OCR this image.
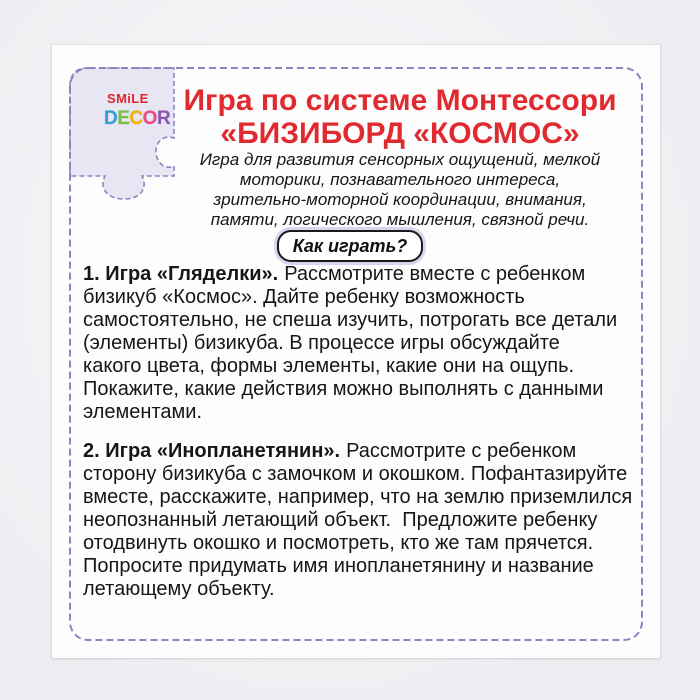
SMiLE
DECOR
Игра по системе Монтессори
«БИЗИБОРД «КОСМОС»
Игра для развития сенсорных ощущений, мелкой
моторики, познавательного интереса,
зрительно-моторной координации, внимания,
памяти, логического мышления, связной речи.
Как играть?
1. Игра «Гляделки». Рассмотрите вместе с ребенком
бизикуб «Космос». Дайте ребенку возможность
самостоятельно, не спеша изучить, потрогать все детали
(элементы) бизикуба. В процессе игры обсуждайте
какого цвета, формы элементы, какие они на ощупь.
Покажите, какие действия можно выполнять с данными
элементами.
2. Игра «Инопланетянин». Рассмотрите с ребенком
сторону бизикуба с замочком и окошком. Пофантазируйте
вместе, расскажите, например, что на землю приземлился
неопознанный летающий объект.  Предложите ребенку
отодвинуть окошко и посмотреть, кто же там прячется.
Попросите придумать имя инопланетянину и название
летающему объекту.
